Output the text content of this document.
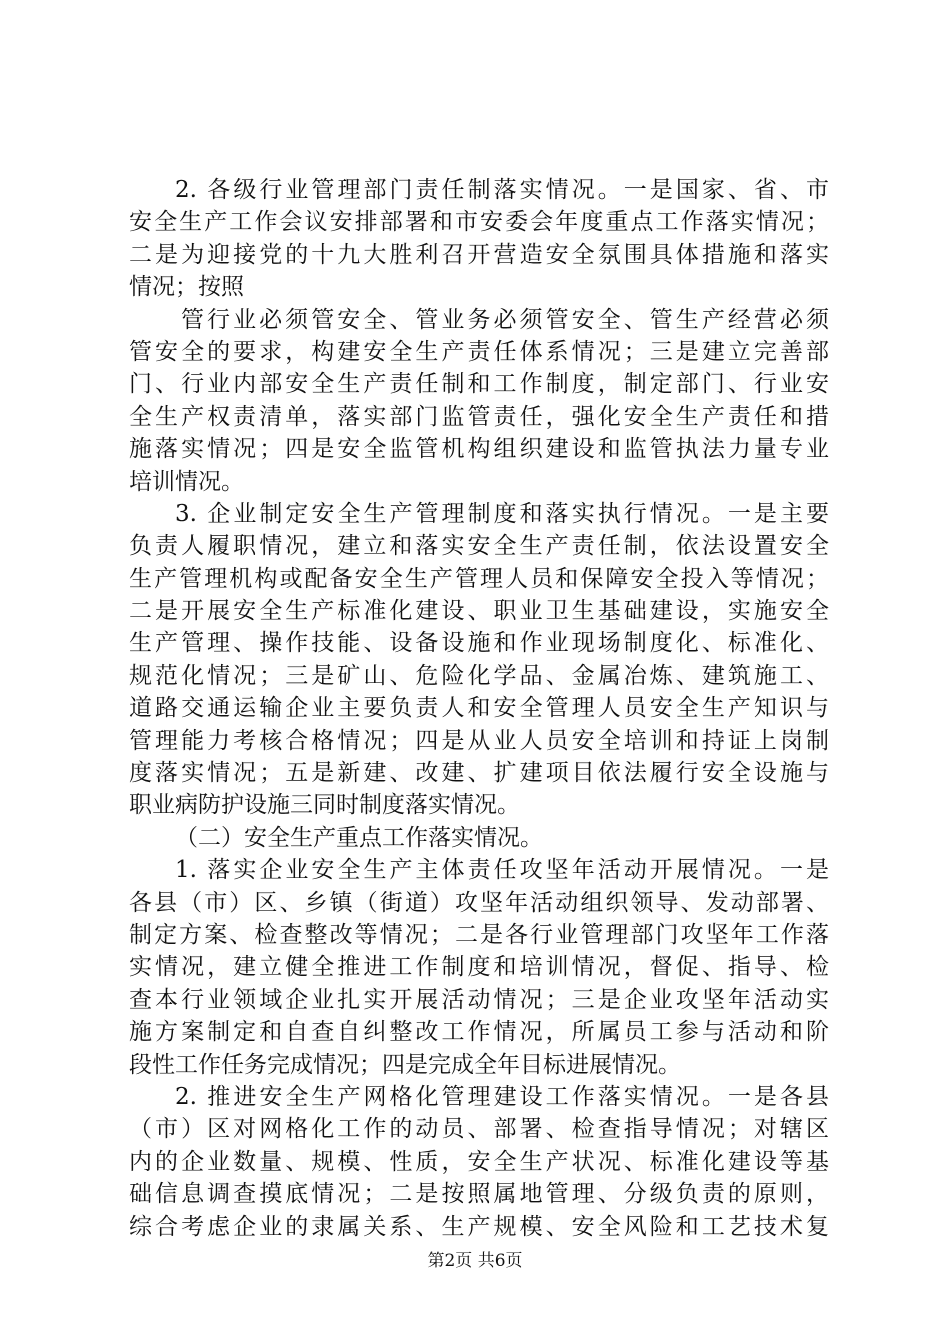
2. 各级行业管理部门责任制落实情况。一是国家、省、市
安全生产工作会议安排部署和市安委会年度重点工作落实情况；
二是为迎接党的十九大胜利召开营造安全氛围具体措施和落实
情况；按照
管行业必须管安全、管业务必须管安全、管生产经营必须
管安全的要求，构建安全生产责任体系情况；三是建立完善部
门、行业内部安全生产责任制和工作制度，制定部门、行业安
全生产权责清单，落实部门监管责任，强化安全生产责任和措
施落实情况；四是安全监管机构组织建设和监管执法力量专业
培训情况。
3. 企业制定安全生产管理制度和落实执行情况。一是主要
负责人履职情况，建立和落实安全生产责任制，依法设置安全
生产管理机构或配备安全生产管理人员和保障安全投入等情况；
二是开展安全生产标准化建设、职业卫生基础建设，实施安全
生产管理、操作技能、设备设施和作业现场制度化、标准化、
规范化情况；三是矿山、危险化学品、金属冶炼、建筑施工、
道路交通运输企业主要负责人和安全管理人员安全生产知识与
管理能力考核合格情况；四是从业人员安全培训和持证上岗制
度落实情况；五是新建、改建、扩建项目依法履行安全设施与
职业病防护设施三同时制度落实情况。
（二）安全生产重点工作落实情况。
1. 落实企业安全生产主体责任攻坚年活动开展情况。一是
各县（市）区、乡镇（街道）攻坚年活动组织领导、发动部署、
制定方案、检查整改等情况；二是各行业管理部门攻坚年工作落
实情况，建立健全推进工作制度和培训情况，督促、指导、检
查本行业领域企业扎实开展活动情况；三是企业攻坚年活动实
施方案制定和自查自纠整改工作情况，所属员工参与活动和阶
段性工作任务完成情况；四是完成全年目标进展情况。
2. 推进安全生产网格化管理建设工作落实情况。一是各县
（市）区对网格化工作的动员、部署、检查指导情况；对辖区
内的企业数量、规模、性质，安全生产状况、标准化建设等基
础信息调查摸底情况；二是按照属地管理、分级负责的原则，
综合考虑企业的隶属关系、生产规模、安全风险和工艺技术复
第2页 共6页
